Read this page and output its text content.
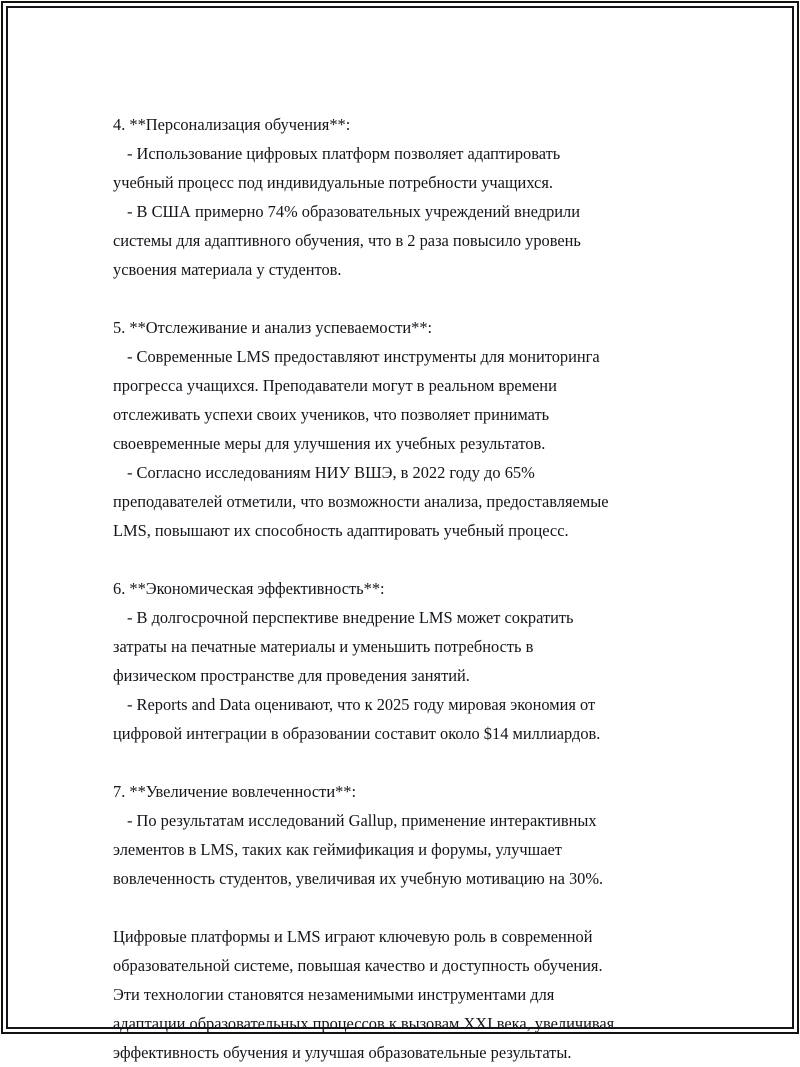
4. **Персонализация обучения**:
- Использование цифровых платформ позволяет адаптировать
учебный процесс под индивидуальные потребности учащихся.
- В США примерно 74% образовательных учреждений внедрили
системы для адаптивного обучения, что в 2 раза повысило уровень
усвоения материала у студентов.
5. **Отслеживание и анализ успеваемости**:
- Современные LMS предоставляют инструменты для мониторинга
прогресса учащихся. Преподаватели могут в реальном времени
отслеживать успехи своих учеников, что позволяет принимать
своевременные меры для улучшения их учебных результатов.
- Согласно исследованиям НИУ ВШЭ, в 2022 году до 65%
преподавателей отметили, что возможности анализа, предоставляемые
LMS, повышают их способность адаптировать учебный процесс.
6. **Экономическая эффективность**:
- В долгосрочной перспективе внедрение LMS может сократить
затраты на печатные материалы и уменьшить потребность в
физическом пространстве для проведения занятий.
- Reports and Data оценивают, что к 2025 году мировая экономия от
цифровой интеграции в образовании составит около $14 миллиардов.
7. **Увеличение вовлеченности**:
- По результатам исследований Gallup, применение интерактивных
элементов в LMS, таких как геймификация и форумы, улучшает
вовлеченность студентов, увеличивая их учебную мотивацию на 30%.
Цифровые платформы и LMS играют ключевую роль в современной
образовательной системе, повышая качество и доступность обучения.
Эти технологии становятся незаменимыми инструментами для
адаптации образовательных процессов к вызовам XXI века, увеличивая
эффективность обучения и улучшая образовательные результаты.
